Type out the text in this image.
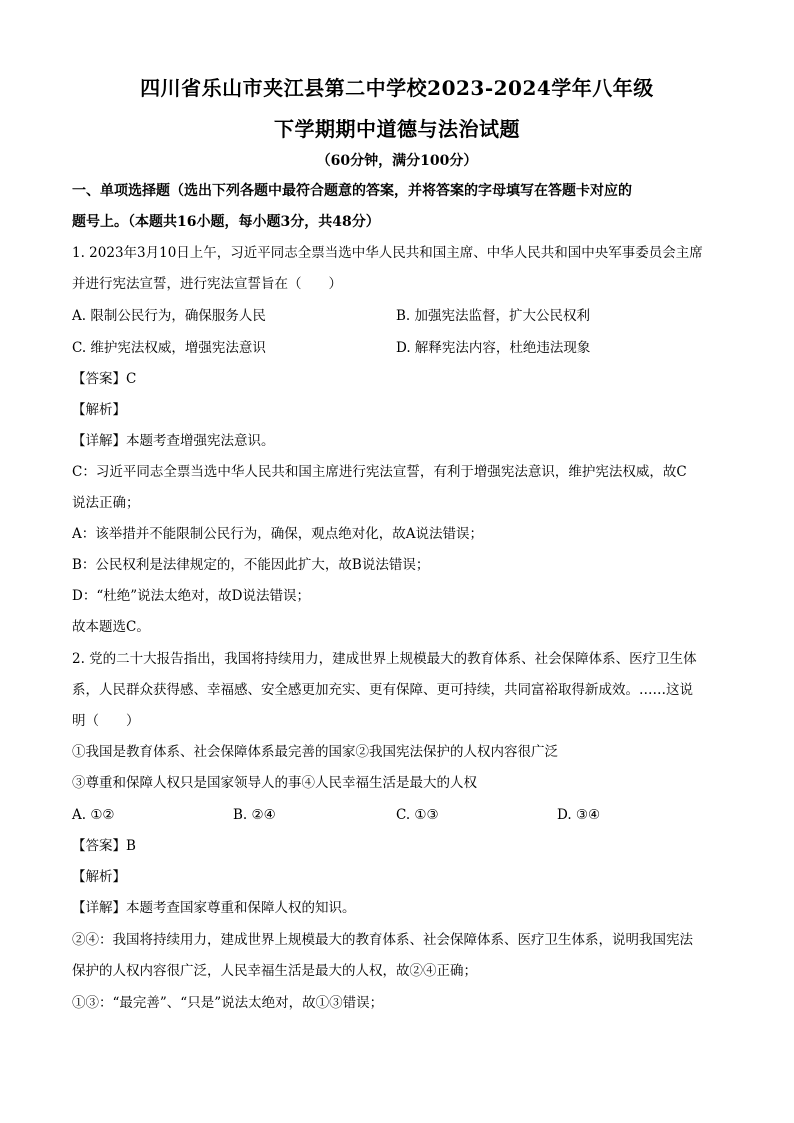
四川省乐山市夹江县第二中学校2023-2024学年八年级
下学期期中道德与法治试题
（60分钟，满分100分）
一、单项选择题（选出下列各题中最符合题意的答案，并将答案的字母填写在答题卡对应的
题号上。（本题共16小题，每小题3分，共48分）
1. 2023年3月10日上午，习近平同志全票当选中华人民共和国主席、中华人民共和国中央军事委员会主席
并进行宪法宣誓，进行宪法宣誓旨在（　　）
A. 限制公民行为，确保服务人民	B. 加强宪法监督，扩大公民权利
C. 维护宪法权威，增强宪法意识	D. 解释宪法内容，杜绝违法现象
【答案】C
【解析】
【详解】本题考查增强宪法意识。
C：习近平同志全票当选中华人民共和国主席进行宪法宣誓，有利于增强宪法意识，维护宪法权威，故C
说法正确；
A：该举措并不能限制公民行为，确保，观点绝对化，故A说法错误；
B：公民权利是法律规定的，不能因此扩大，故B说法错误；
D：“杜绝”说法太绝对，故D说法错误；
故本题选C。
2. 党的二十大报告指出，我国将持续用力，建成世界上规模最大的教育体系、社会保障体系、医疗卫生体
系，人民群众获得感、幸福感、安全感更加充实、更有保障、更可持续，共同富裕取得新成效。……这说
明（　　）
①我国是教育体系、社会保障体系最完善的国家②我国宪法保护的人权内容很广泛
③尊重和保障人权只是国家领导人的事④人民幸福生活是最大的人权
A. ①②	B. ②④	C. ①③	D. ③④
【答案】B
【解析】
【详解】本题考查国家尊重和保障人权的知识。
②④：我国将持续用力，建成世界上规模最大的教育体系、社会保障体系、医疗卫生体系，说明我国宪法
保护的人权内容很广泛，人民幸福生活是最大的人权，故②④正确；
①③：“最完善”、“只是”说法太绝对，故①③错误；
